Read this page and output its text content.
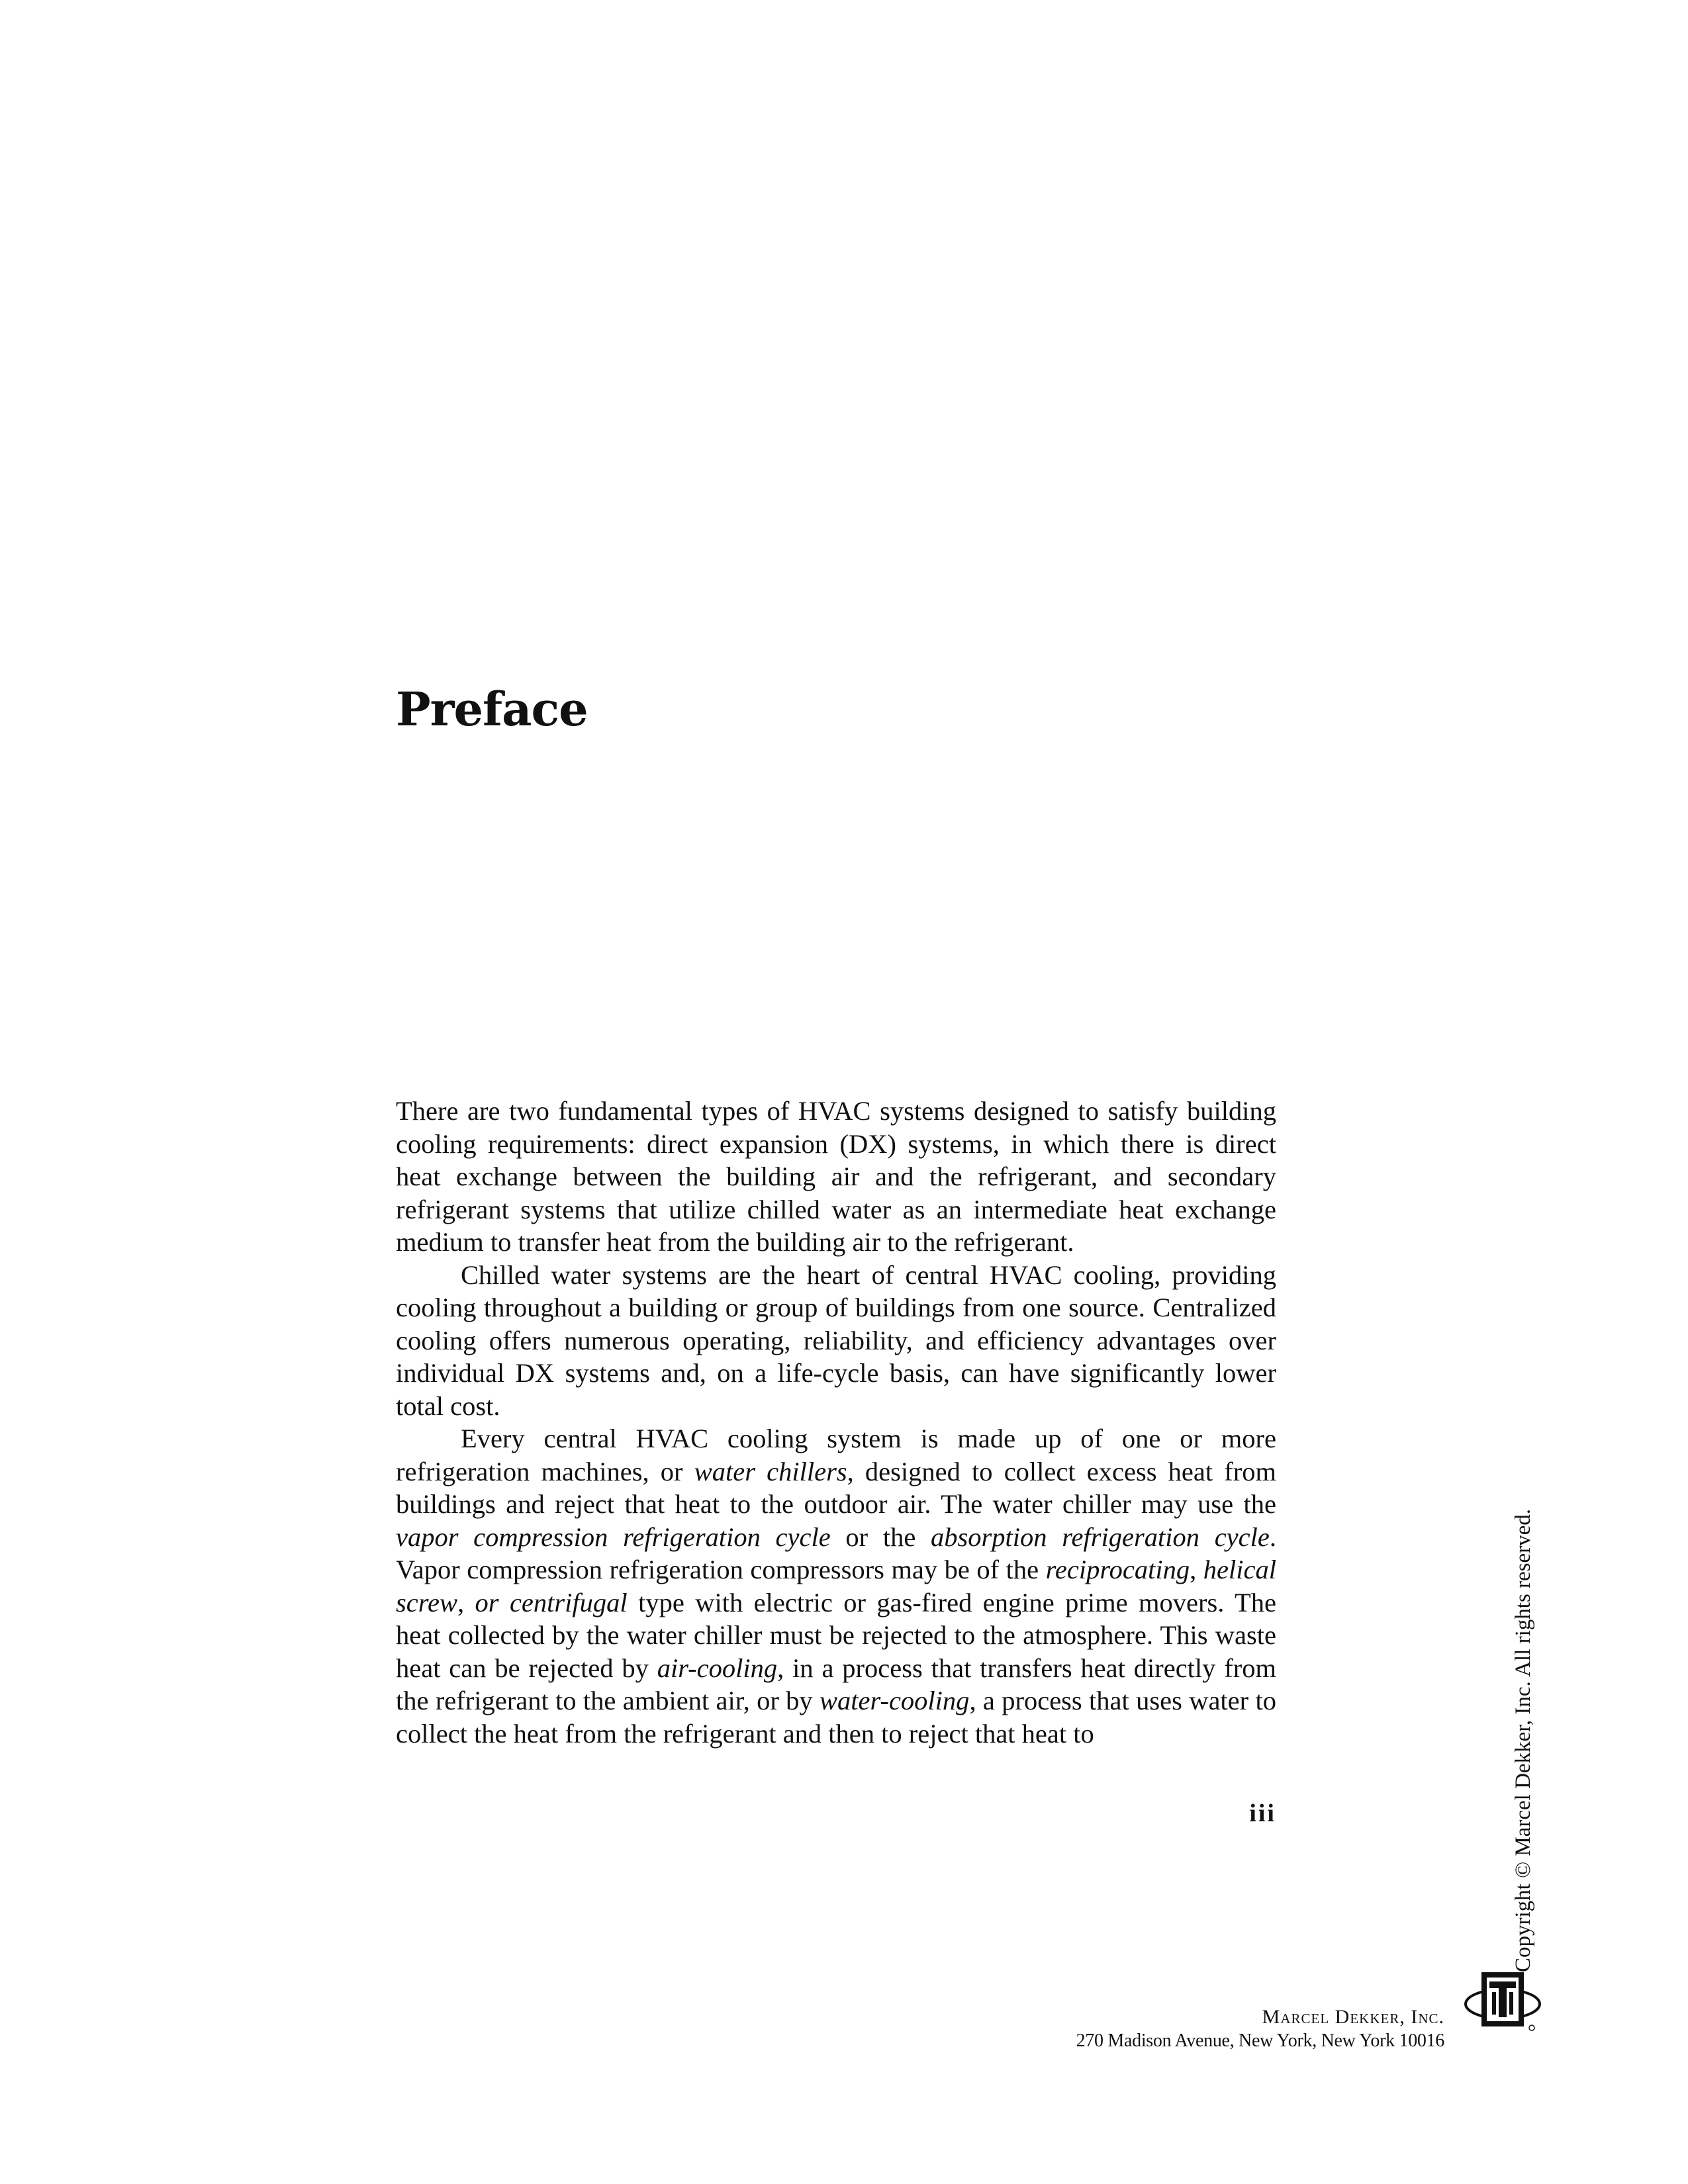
Preface

There are two fundamental types of HVAC systems designed to satisfy building cooling requirements: direct expansion (DX) systems, in which there is direct heat exchange between the building air and the refrigerant, and secondary refrigerant systems that utilize chilled water as an intermediate heat exchange medium to transfer heat from the building air to the refrigerant.

Chilled water systems are the heart of central HVAC cooling, providing cooling throughout a building or group of buildings from one source. Centralized cooling offers numerous operating, reliability, and efficiency advantages over individual DX systems and, on a life-cycle basis, can have significantly lower total cost.

Every central HVAC cooling system is made up of one or more refrigeration machines, or water chillers, designed to collect excess heat from buildings and reject that heat to the outdoor air. The water chiller may use the vapor compression refrigeration cycle or the absorption refrigeration cycle. Vapor compression refrigeration compressors may be of the reciprocating, helical screw, or centrifugal type with electric or gas-fired engine prime movers. The heat collected by the water chiller must be rejected to the atmosphere. This waste heat can be rejected by air-cooling, in a process that transfers heat directly from the refrigerant to the ambient air, or by water-cooling, a process that uses water to collect the heat from the refrigerant and then to reject that heat to

iii	Copyright © Marcel Dekker, Inc. All rights reserved.
Marcel Dekker, Inc.
270 Madison Avenue, New York, New York 10016
